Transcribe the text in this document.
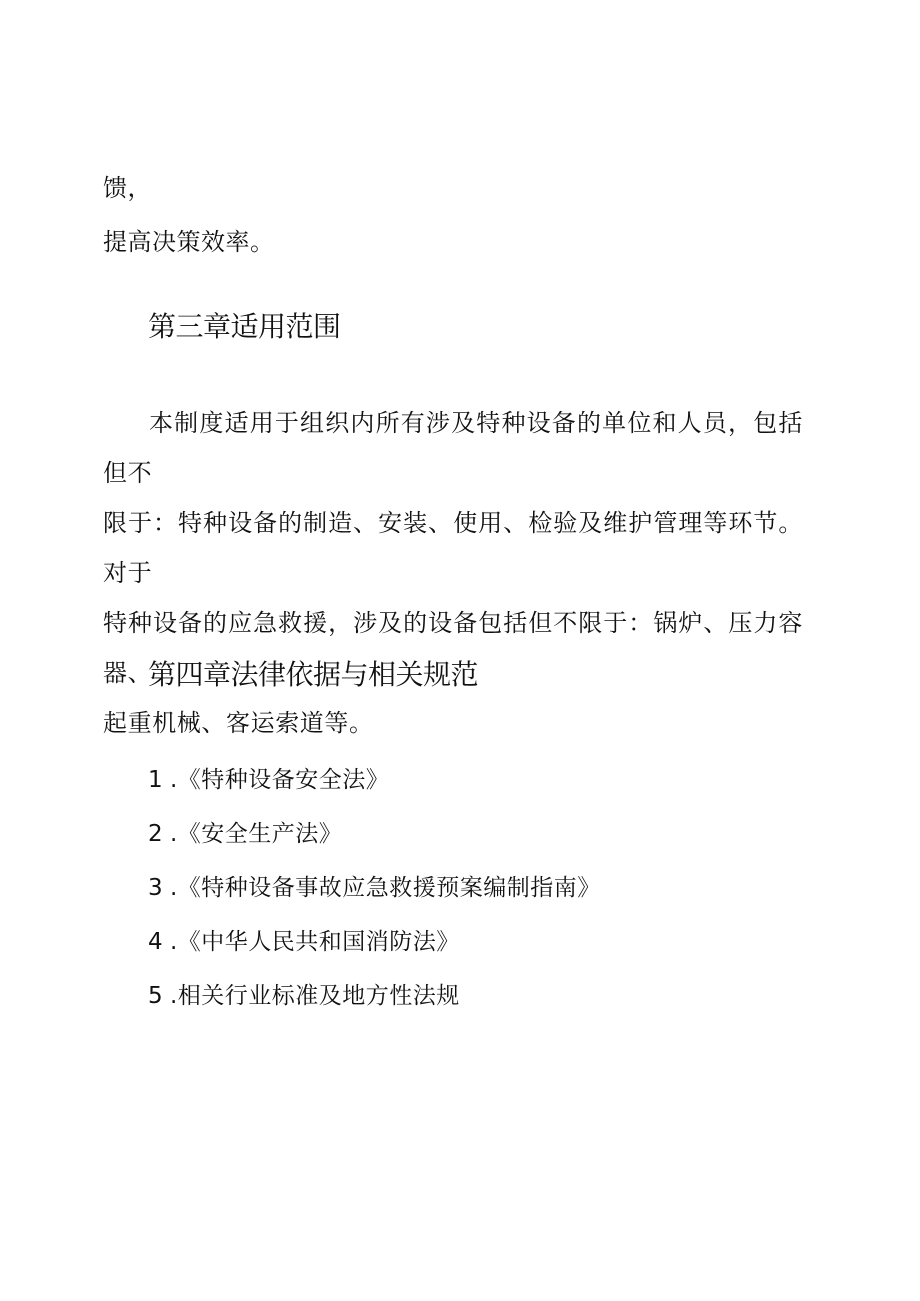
馈，
提高决策效率。
第三章适用范围
本制度适用于组织内所有涉及特种设备的单位和人员，包括但不
限于：特种设备的制造、安装、使用、检验及维护管理等环节。对于
特种设备的应急救援，涉及的设备包括但不限于：锅炉、压力容器、
起重机械、客运索道等。
第四章法律依据与相关规范
1 .《特种设备安全法》
2 .《安全生产法》
3 .《特种设备事故应急救援预案编制指南》
4 .《中华人民共和国消防法》
5 .相关行业标准及地方性法规
